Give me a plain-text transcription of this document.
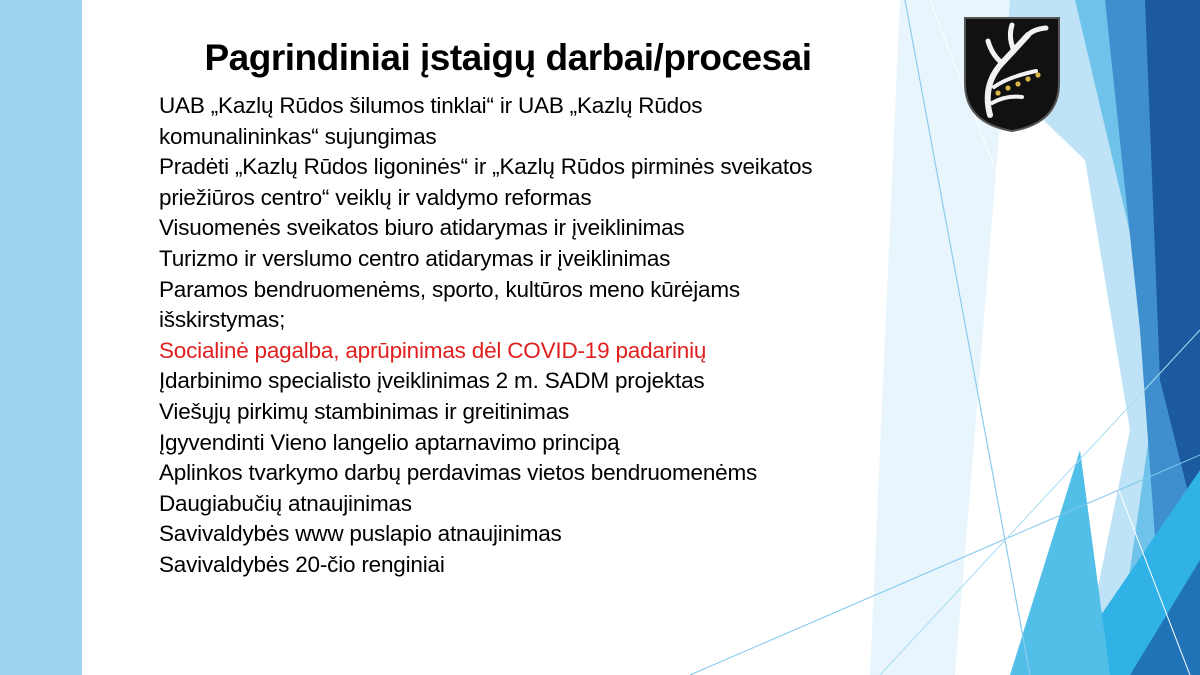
Pagrindiniai įstaigų darbai/procesai
UAB „Kazlų Rūdos šilumos tinklai“ ir UAB „Kazlų Rūdos komunalininkas“ sujungimas
Pradėti „Kazlų Rūdos ligoninės“ ir „Kazlų Rūdos pirminės sveikatos priežiūros centro“ veiklų ir valdymo reformas
Visuomenės sveikatos biuro atidarymas ir įveiklinimas
Turizmo ir verslumo centro atidarymas ir įveiklinimas
Paramos bendruomenėms, sporto, kultūros meno kūrėjams išskirstymas;
Socialinė pagalba, aprūpinimas dėl COVID-19 padarinių
Įdarbinimo specialisto įveiklinimas 2 m. SADM projektas
Viešųjų pirkimų stambinimas ir greitinimas
Įgyvendinti Vieno langelio aptarnavimo principą
Aplinkos tvarkymo darbų perdavimas vietos bendruomenėms
Daugiabučių atnaujinimas
Savivaldybės www puslapio atnaujinimas
Savivaldybės 20-čio renginiai
